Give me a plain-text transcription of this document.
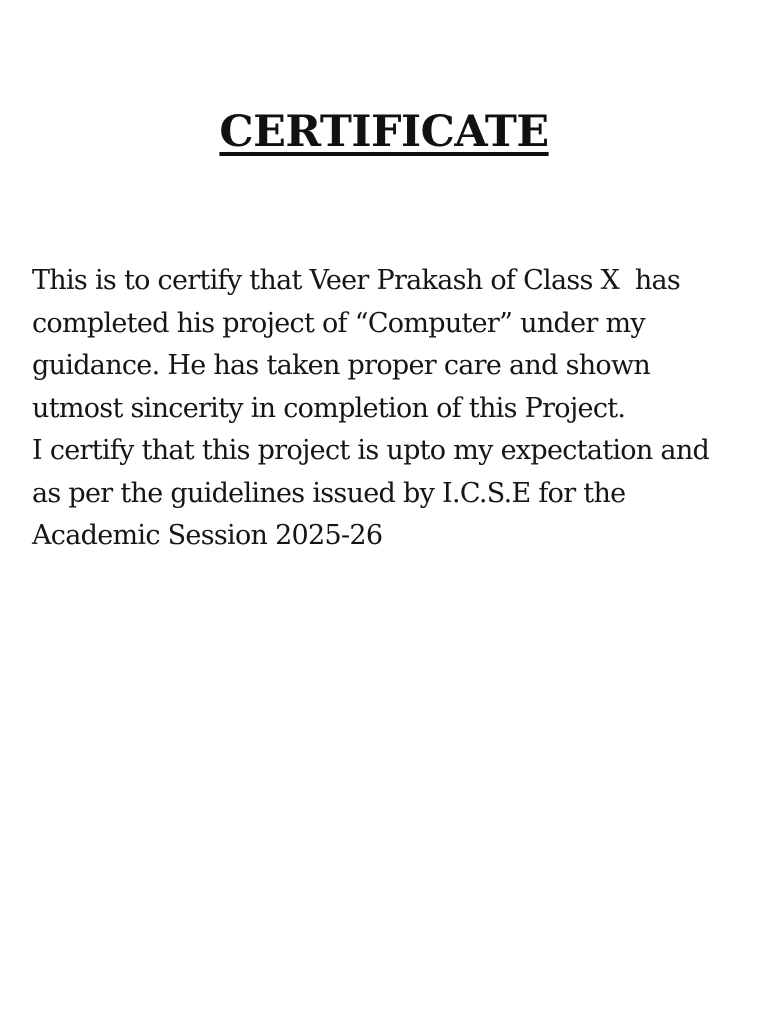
CERTIFICATE
This is to certify that Veer Prakash of Class X  has
completed his project of “Computer” under my
guidance. He has taken proper care and shown
utmost sincerity in completion of this Project.
I certify that this project is upto my expectation and
as per the guidelines issued by I.C.S.E for the
Academic Session 2025-26
